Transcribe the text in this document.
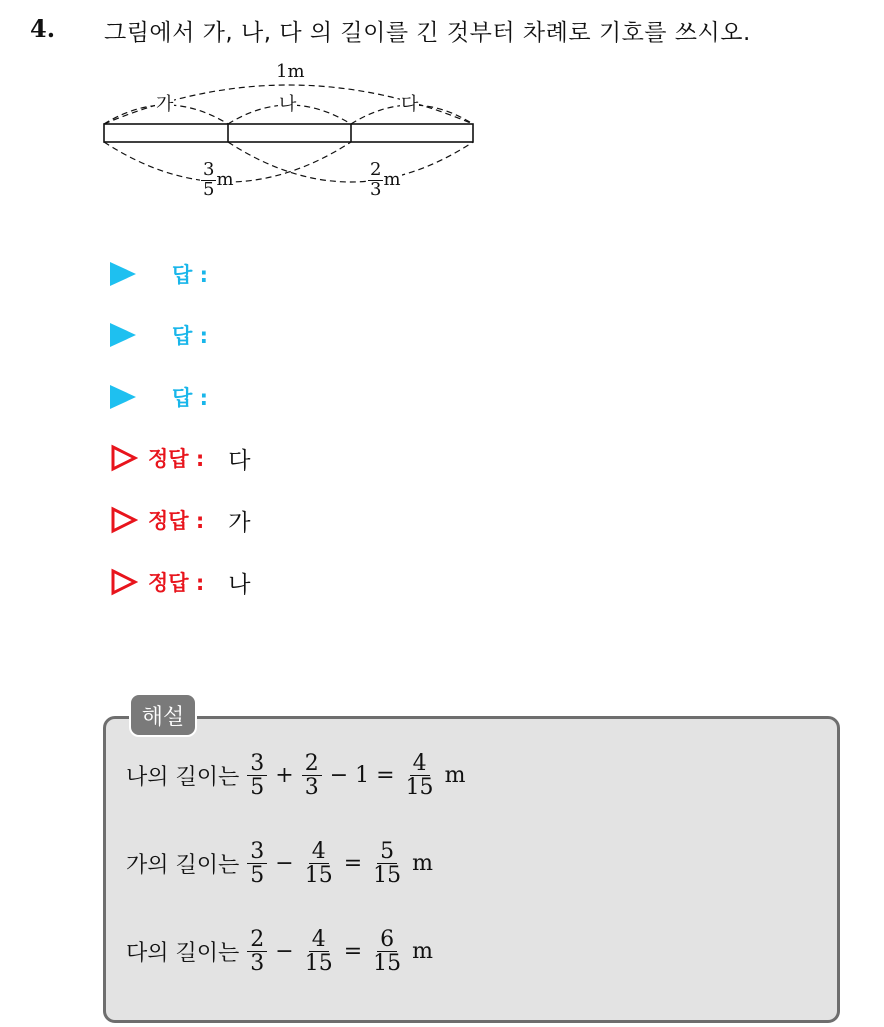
4. 그림에서 가, 나, 다 의 길이를 긴 것부터 차례로 기호를 쓰시오.
1m
가	나	다
$\frac{3}{5}$ m	$\frac{2}{3}$ m
답 :
답 :
답 :
정답 : 다
정답 : 가
정답 : 나
해설
나의 길이는 $\frac{3}{5} + \frac{2}{3} - 1 = \frac{4}{15}$ m
가의 길이는 $\frac{3}{5} - \frac{4}{15} = \frac{5}{15}$ m
다의 길이는 $\frac{2}{3} - \frac{4}{15} = \frac{6}{15}$ m
